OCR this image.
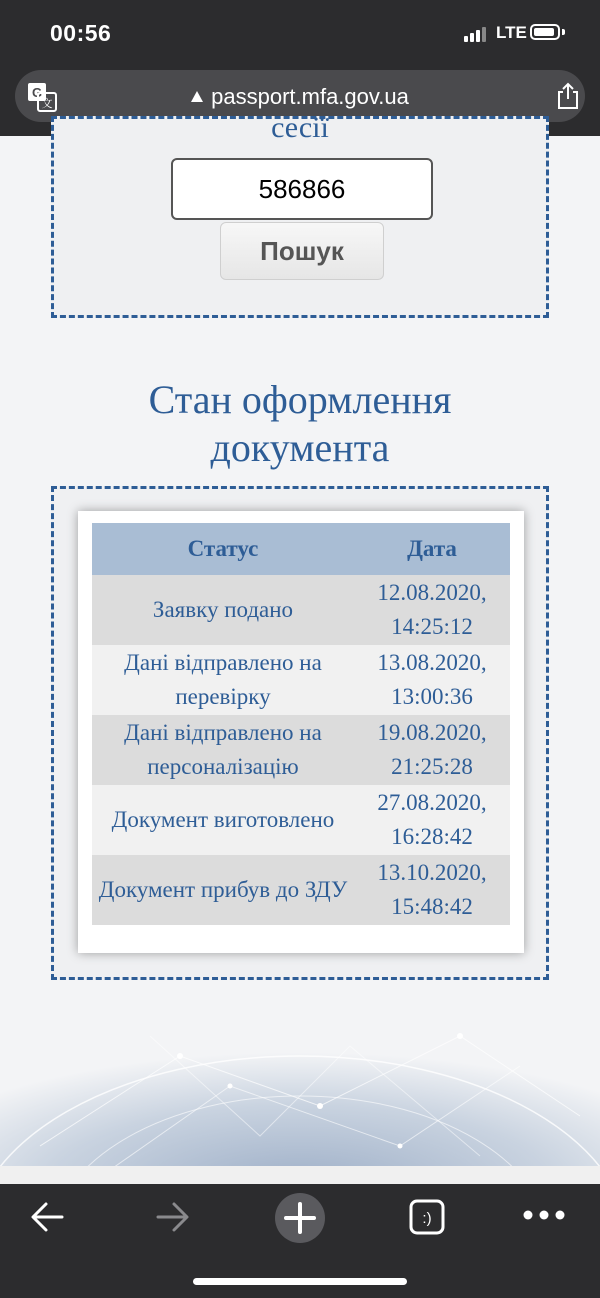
00:56	LTE
G
文	passport.mfa.gov.ua
сесії
586866
Пошук
Стан оформлення
документа
Статус	Дата
Заявку подано	12.08.2020, 14:25:12
Дані відправлено на перевірку	13.08.2020, 13:00:36
Дані відправлено на персоналізацію	19.08.2020, 21:25:28
Документ виготовлено	27.08.2020, 16:28:42
Документ прибув до ЗДУ	13.10.2020, 15:48:42
:)
